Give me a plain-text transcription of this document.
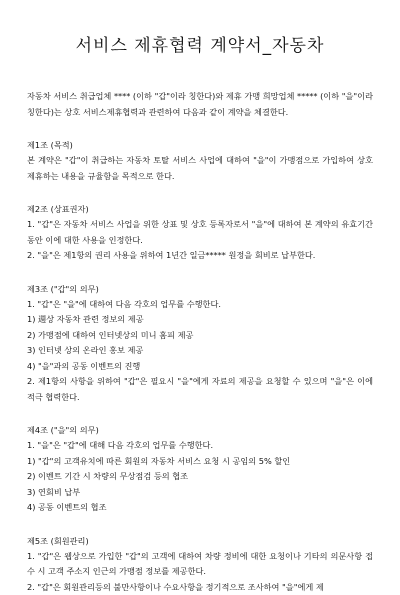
서비스 제휴협력 계약서_자동차
자동차 서비스 취급업체 **** (이하 "갑"이라 칭한다)와 제휴 가맹 희망업체 ***** (이하 "을"이라 칭한다)는 상호 서비스제휴협력과 관련하여 다음과 같이 계약을 체결한다.
제1조 (목적)
본 계약은 "갑"이 취급하는 자동차 토탈 서비스 사업에 대하여 "을"이 가맹점으로 가입하여 상호 제휴하는 내용을 규율함을 목적으로 한다.
제2조 (상표권자)
1. "갑"은 자동차 서비스 사업을 위한 상표 및 상호 등록자로서 "을"에 대하여 본 계약의 유효기간 동안 이에 대한 사용을 인정한다.
2. "을"은 제1항의 권리 사용을 위하여 1년간 일금***** 원정을 회비로 납부한다.
제3조 ("갑"의 의무)
1. "갑"은 "을"에 대하여 다음 각호의 업무를 수행한다.
1) 週상 자동차 관련 정보의 제공
2) 가맹점에 대하여 인터넷상의 미니 홈피 제공
3) 인터넷 상의 온라인 홍보 제공
4) "을"과의 공동 이벤트의 진행
2. 제1항의 사항을 위하여 "갑"은 필요시 "을"에게 자료의 제공을 요청할 수 있으며 "을"은 이에 적극 협력한다.
제4조 ("을"의 의무)
1. "을"은 "갑"에 대해 다음 각호의 업무를 수행한다.
1) "갑"의 고객유치에 따른 회원의 자동차 서비스 요청 시 공임의 5% 할인
2) 이벤트 기간 시 차량의 무상점검 등의 협조
3) 연회비 납부
4) 공동 이벤트의 협조
제5조 (회원관리)
1. "갑"은 웹상으로 가입한 "갑"의 고객에 대하여 차량 정비에 대한 요청이나 기타의 의문사항 접수 시 고객 주소지 인근의 가맹점 정보를 제공한다.
2. "갑"은 회원관리등의 불만사항이나 수요사항을 정기적으로 조사하여 "을"에게 제
